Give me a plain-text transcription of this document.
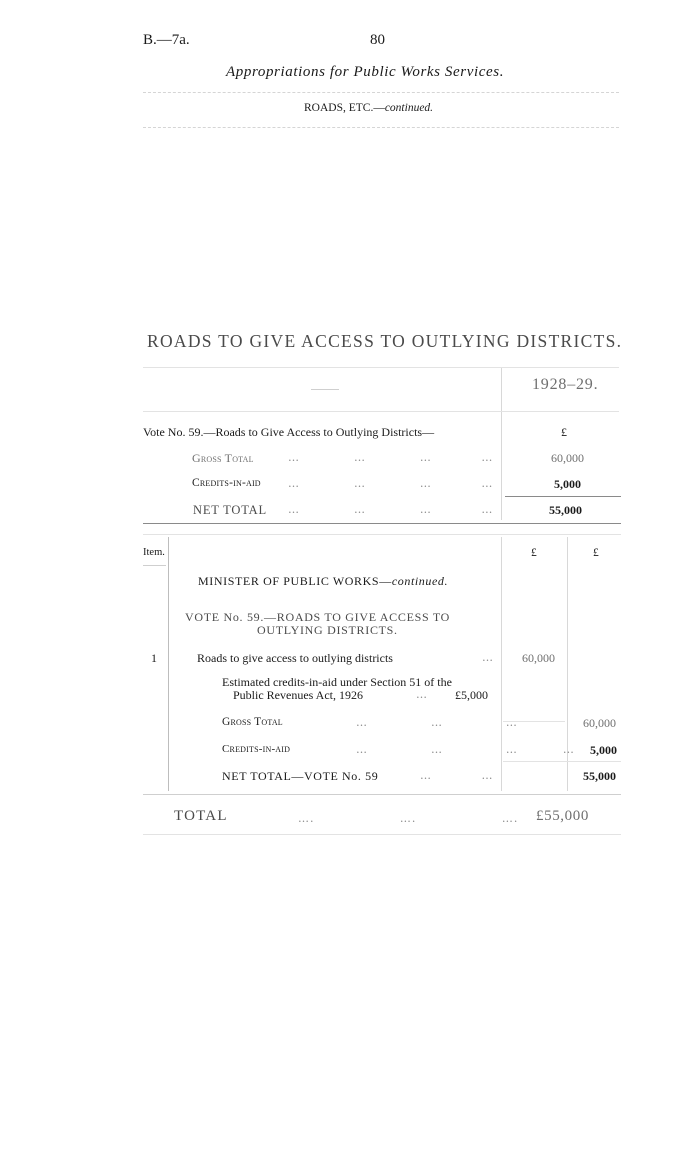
B.—7a.	80
Appropriations for Public Works Services.
ROADS, ETC.—continued.
ROADS TO GIVE ACCESS TO OUTLYING DISTRICTS.
1928–29.
Vote No. 59.—Roads to Give Access to Outlying Districts—	£
Gross Total	…            …            …           …	60,000
Credits-in-aid …            …            …           …	5,000
NET TOTAL …            …            …           …	55,000
Item.	£	£
MINISTER OF PUBLIC WORKS—continued.
VOTE No. 59.—ROADS TO GIVE ACCESS TO
OUTLYING DISTRICTS.
1	Roads to give access to outlying districts	… 60,000
Estimated credits-in-aid under Section 51 of the
Public Revenues Act, 1926	… £5,000
Gross Total	…              …              …	60,000
Credits-in-aid	…              …              …          … 5,000
NET TOTAL—VOTE No. 59	…           …	55,000
TOTAL	….                   ….                   …. £55,000
